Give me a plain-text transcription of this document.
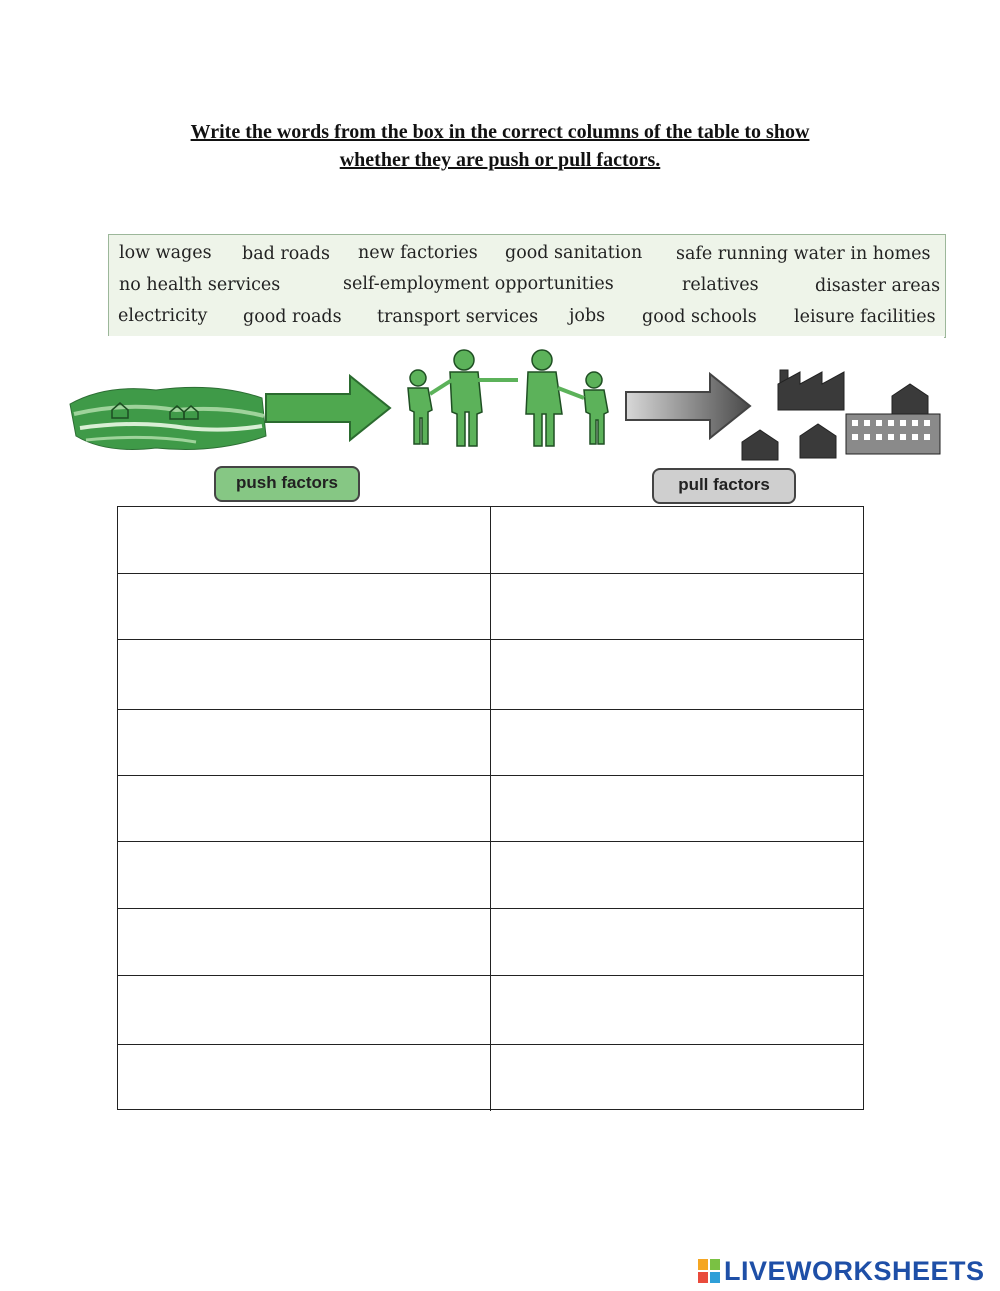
Write the words from the box in the correct columns of the table to show
whether they are push or pull factors.
low wages bad roads new factories good sanitation safe running water in homes
no health services	self-employment opportunities	relatives	disaster areas
electricity good roads transport services jobs good schools leisure facilities
push factors	pull factors
LIVEWORKSHEETS
